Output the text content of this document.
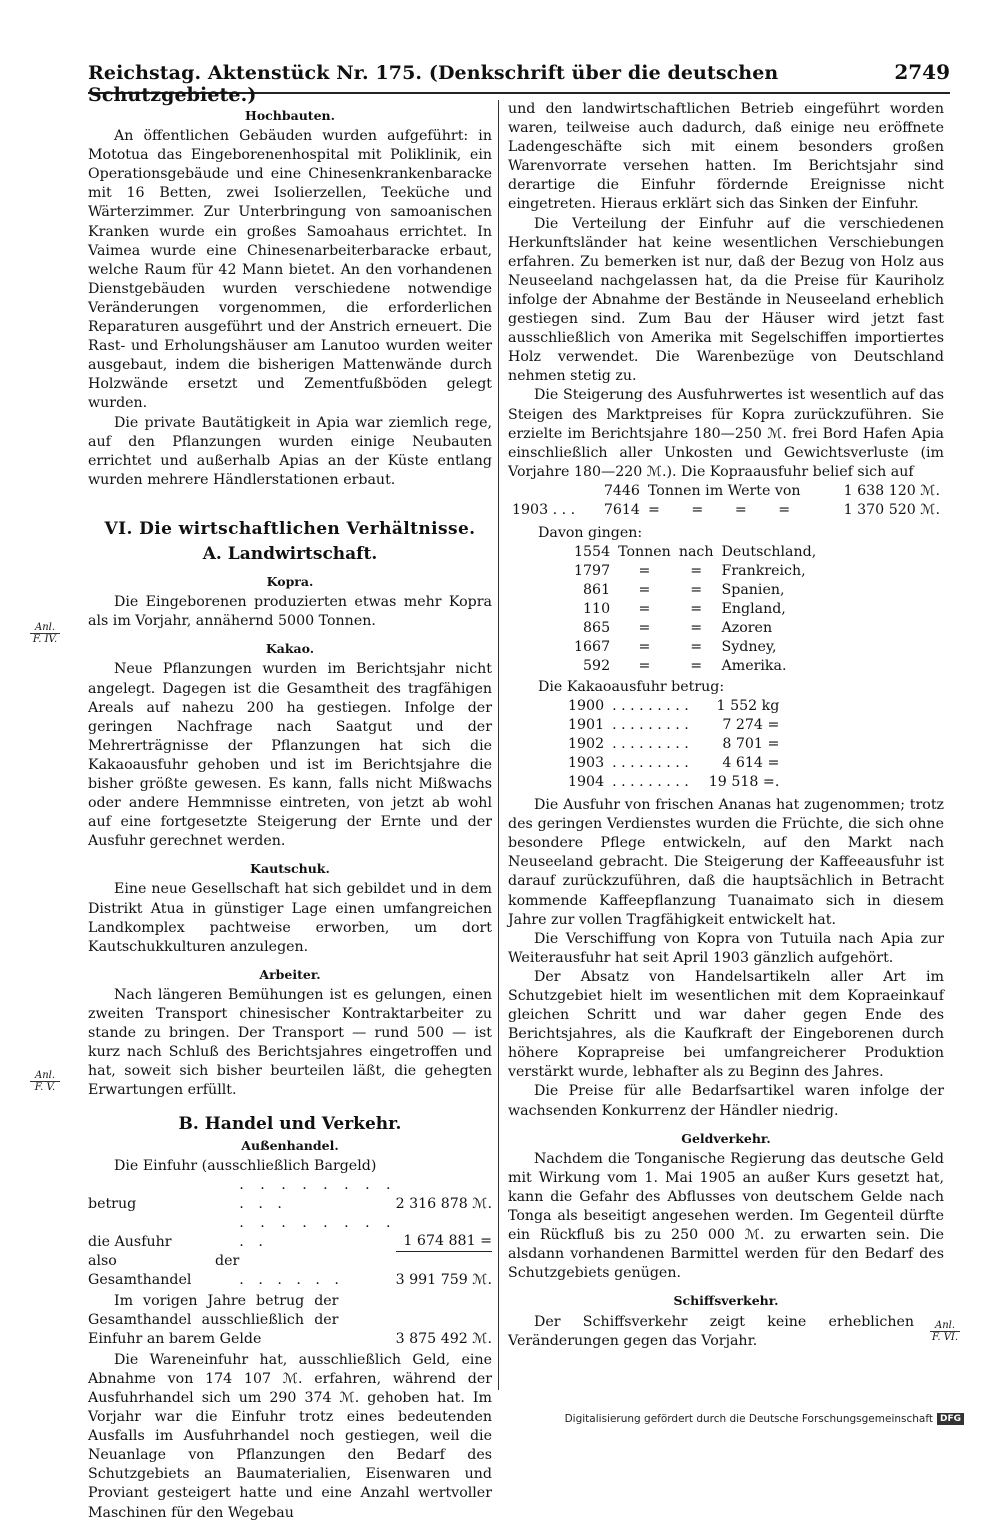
Reichstag. Aktenstück Nr. 175. (Denkschrift über die deutschen Schutzgebiete.)
2749
Hochbauten.

An öffentlichen Gebäuden wurden aufgeführt: in Mototua das Eingeborenenhospital mit Poliklinik, ein Operationsgebäude und eine Chinesenkrankenbaracke mit 16 Betten, zwei Isolierzellen, Teeküche und Wärterzimmer. Zur Unterbringung von samoanischen Kranken wurde ein großes Samoahaus errichtet. In Vaimea wurde eine Chinesenarbeiterbaracke erbaut, welche Raum für 42 Mann bietet. An den vorhandenen Dienstgebäuden wurden verschiedene notwendige Veränderungen vorgenommen, die erforderlichen Reparaturen ausgeführt und der Anstrich erneuert. Die Rast- und Erholungshäuser am Lanutoo wurden weiter ausgebaut, indem die bisherigen Mattenwände durch Holzwände ersetzt und Zementfußböden gelegt wurden.

Die private Bautätigkeit in Apia war ziemlich rege, auf den Pflanzungen wurden einige Neubauten errichtet und außerhalb Apias an der Küste entlang wurden mehrere Händlerstationen erbaut.

VI. Die wirtschaftlichen Verhältnisse.
A. Landwirtschaft.
Kopra.

Die Eingeborenen produzierten etwas mehr Kopra als im Vorjahr, annähernd 5000 Tonnen.

Kakao.

Neue Pflanzungen wurden im Berichtsjahr nicht angelegt. Dagegen ist die Gesamtheit des tragfähigen Areals auf nahezu 200 ha gestiegen. Infolge der geringen Nachfrage nach Saatgut und der Mehrerträgnisse der Pflanzungen hat sich die Kakaoausfuhr gehoben und ist im Berichtsjahre die bisher größte gewesen. Es kann, falls nicht Mißwachs oder andere Hemmnisse eintreten, von jetzt ab wohl auf eine fortgesetzte Steigerung der Ernte und der Ausfuhr gerechnet werden.

Kautschuk.

Eine neue Gesellschaft hat sich gebildet und in dem Distrikt Atua in günstiger Lage einen umfangreichen Landkomplex pachtweise erworben, um dort Kautschukkulturen anzulegen.

Arbeiter.

Nach längeren Bemühungen ist es gelungen, einen zweiten Transport chinesischer Kontraktarbeiter zu stande zu bringen. Der Transport — rund 500 — ist kurz nach Schluß des Berichtsjahres eingetroffen und hat, soweit sich bisher beurteilen läßt, die gehegten Erwartungen erfüllt.

B. Handel und Verkehr.
Außenhandel.

Die Einfuhr (ausschließlich Bargeld)

betrug	. . . . . . . . . . .	2 316 878 ℳ.
die Ausfuhr	. . . . . . . . . .	1 674 881 =
also der Gesamthandel	. . . . . .	3 991 759 ℳ.
Im vorigen Jahre betrug der Gesamthandel ausschließlich der Einfuhr an barem Gelde	3 875 492 ℳ.

Die Wareneinfuhr hat, ausschließlich Geld, eine Abnahme von 174 107 ℳ. erfahren, während der Ausfuhrhandel sich um 290 374 ℳ. gehoben hat. Im Vorjahr war die Einfuhr trotz eines bedeutenden Ausfalls im Ausfuhrhandel noch gestiegen, weil die Neuanlage von Pflanzungen den Bedarf des Schutzgebiets an Baumaterialien, Eisenwaren und Proviant gesteigert hatte und eine Anzahl wertvoller Maschinen für den Wegebau

Anl.
F. IV.
Anl.
F. V.

und den landwirtschaftlichen Betrieb eingeführt worden waren, teilweise auch dadurch, daß einige neu eröffnete Ladengeschäfte sich mit einem besonders großen Warenvorrate versehen hatten. Im Berichtsjahr sind derartige die Einfuhr fördernde Ereignisse nicht eingetreten. Hieraus erklärt sich das Sinken der Einfuhr.

Die Verteilung der Einfuhr auf die verschiedenen Herkunftsländer hat keine wesentlichen Verschiebungen erfahren. Zu bemerken ist nur, daß der Bezug von Holz aus Neuseeland nachgelassen hat, da die Preise für Kauriholz infolge der Abnahme der Bestände in Neuseeland erheblich gestiegen sind. Zum Bau der Häuser wird jetzt fast ausschließlich von Amerika mit Segelschiffen importiertes Holz verwendet. Die Warenbezüge von Deutschland nehmen stetig zu.

Die Steigerung des Ausfuhrwertes ist wesentlich auf das Steigen des Marktpreises für Kopra zurückzuführen. Sie erzielte im Berichtsjahre 180—250 ℳ. frei Bord Hafen Apia einschließlich aller Unkosten und Gewichtsverluste (im Vorjahre 180—220 ℳ.). Die Kopraausfuhr belief sich auf

	7446	Tonnen im Werte von	1 638 120 ℳ.
1903 . . .	7614	=       =       =       =	1 370 520 ℳ.

Davon gingen:

1554	Tonnen	nach	Deutschland,
1797	=	=	Frankreich,
861	=	=	Spanien,
110	=	=	England,
865	=	=	Azoren
1667	=	=	Sydney,
592	=	=	Amerika.

Die Kakaoausfuhr betrug:

1900	. . . . . . . . .	1 552 kg
1901	. . . . . . . . .	7 274 =
1902	. . . . . . . . .	8 701 =
1903	. . . . . . . . .	4 614 =
1904	. . . . . . . . .	19 518 =.

Die Ausfuhr von frischen Ananas hat zugenommen; trotz des geringen Verdienstes wurden die Früchte, die sich ohne besondere Pflege entwickeln, auf den Markt nach Neuseeland gebracht. Die Steigerung der Kaffeeausfuhr ist darauf zurückzuführen, daß die hauptsächlich in Betracht kommende Kaffeepflanzung Tuanaimato sich in diesem Jahre zur vollen Tragfähigkeit entwickelt hat.

Die Verschiffung von Kopra von Tutuila nach Apia zur Weiterausfuhr hat seit April 1903 gänzlich aufgehört.

Der Absatz von Handelsartikeln aller Art im Schutzgebiet hielt im wesentlichen mit dem Kopraeinkauf gleichen Schritt und war daher gegen Ende des Berichtsjahres, als die Kaufkraft der Eingeborenen durch höhere Koprapreise bei umfangreicherer Produktion verstärkt wurde, lebhafter als zu Beginn des Jahres.

Die Preise für alle Bedarfsartikel waren infolge der wachsenden Konkurrenz der Händler niedrig.

Geldverkehr.

Nachdem die Tonganische Regierung das deutsche Geld mit Wirkung vom 1. Mai 1905 an außer Kurs gesetzt hat, kann die Gefahr des Abflusses von deutschem Gelde nach Tonga als beseitigt angesehen werden. Im Gegenteil dürfte ein Rückfluß bis zu 250 000 ℳ. zu erwarten sein. Die alsdann vorhandenen Barmittel werden für den Bedarf des Schutzgebiets genügen.

Schiffsverkehr.

Der Schiffsverkehr zeigt keine erheblichen Veränderungen gegen das Vorjahr.

Anl.
F. VI.
Digitalisierung gefördert durch die Deutsche Forschungsgemeinschaft DFG
